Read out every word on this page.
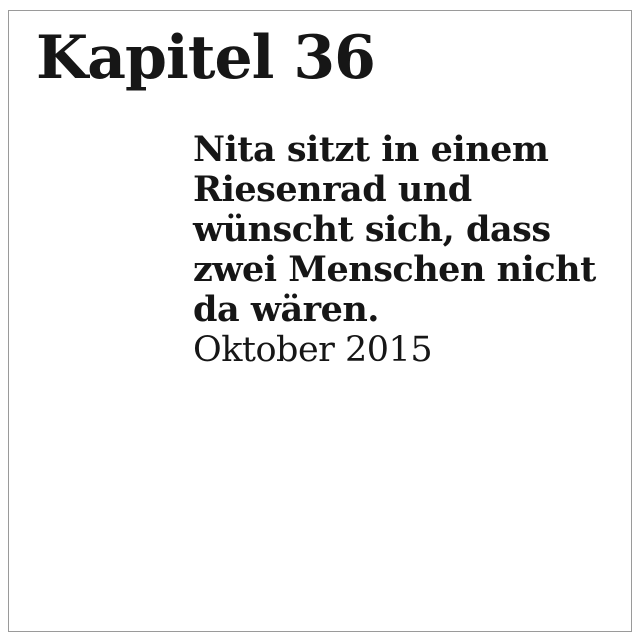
Kapitel 36

Nita sitzt in einem

Riesenrad und

wünscht sich, dass

zwei Menschen nicht

da wären.

Oktober 2015
